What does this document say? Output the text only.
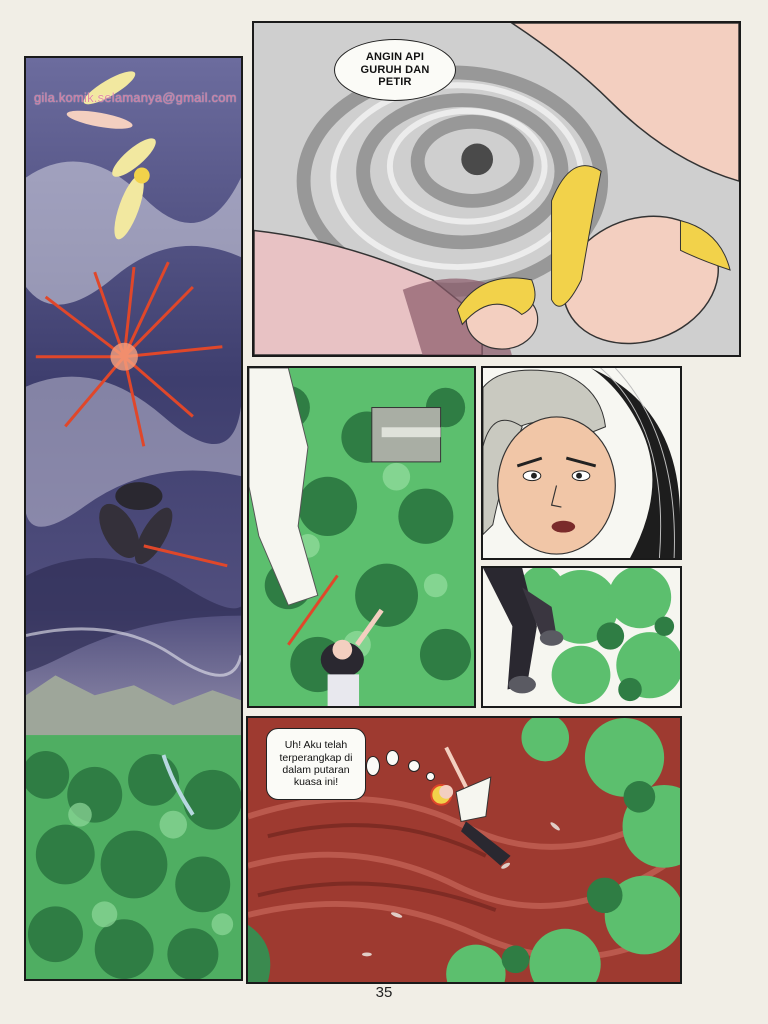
gila.komik.selamanya@gmail.com
ANGIN API
GURUH DAN
PETIR
Uh! Aku telah
terperangkap di
dalam putaran
kuasa ini!
35
